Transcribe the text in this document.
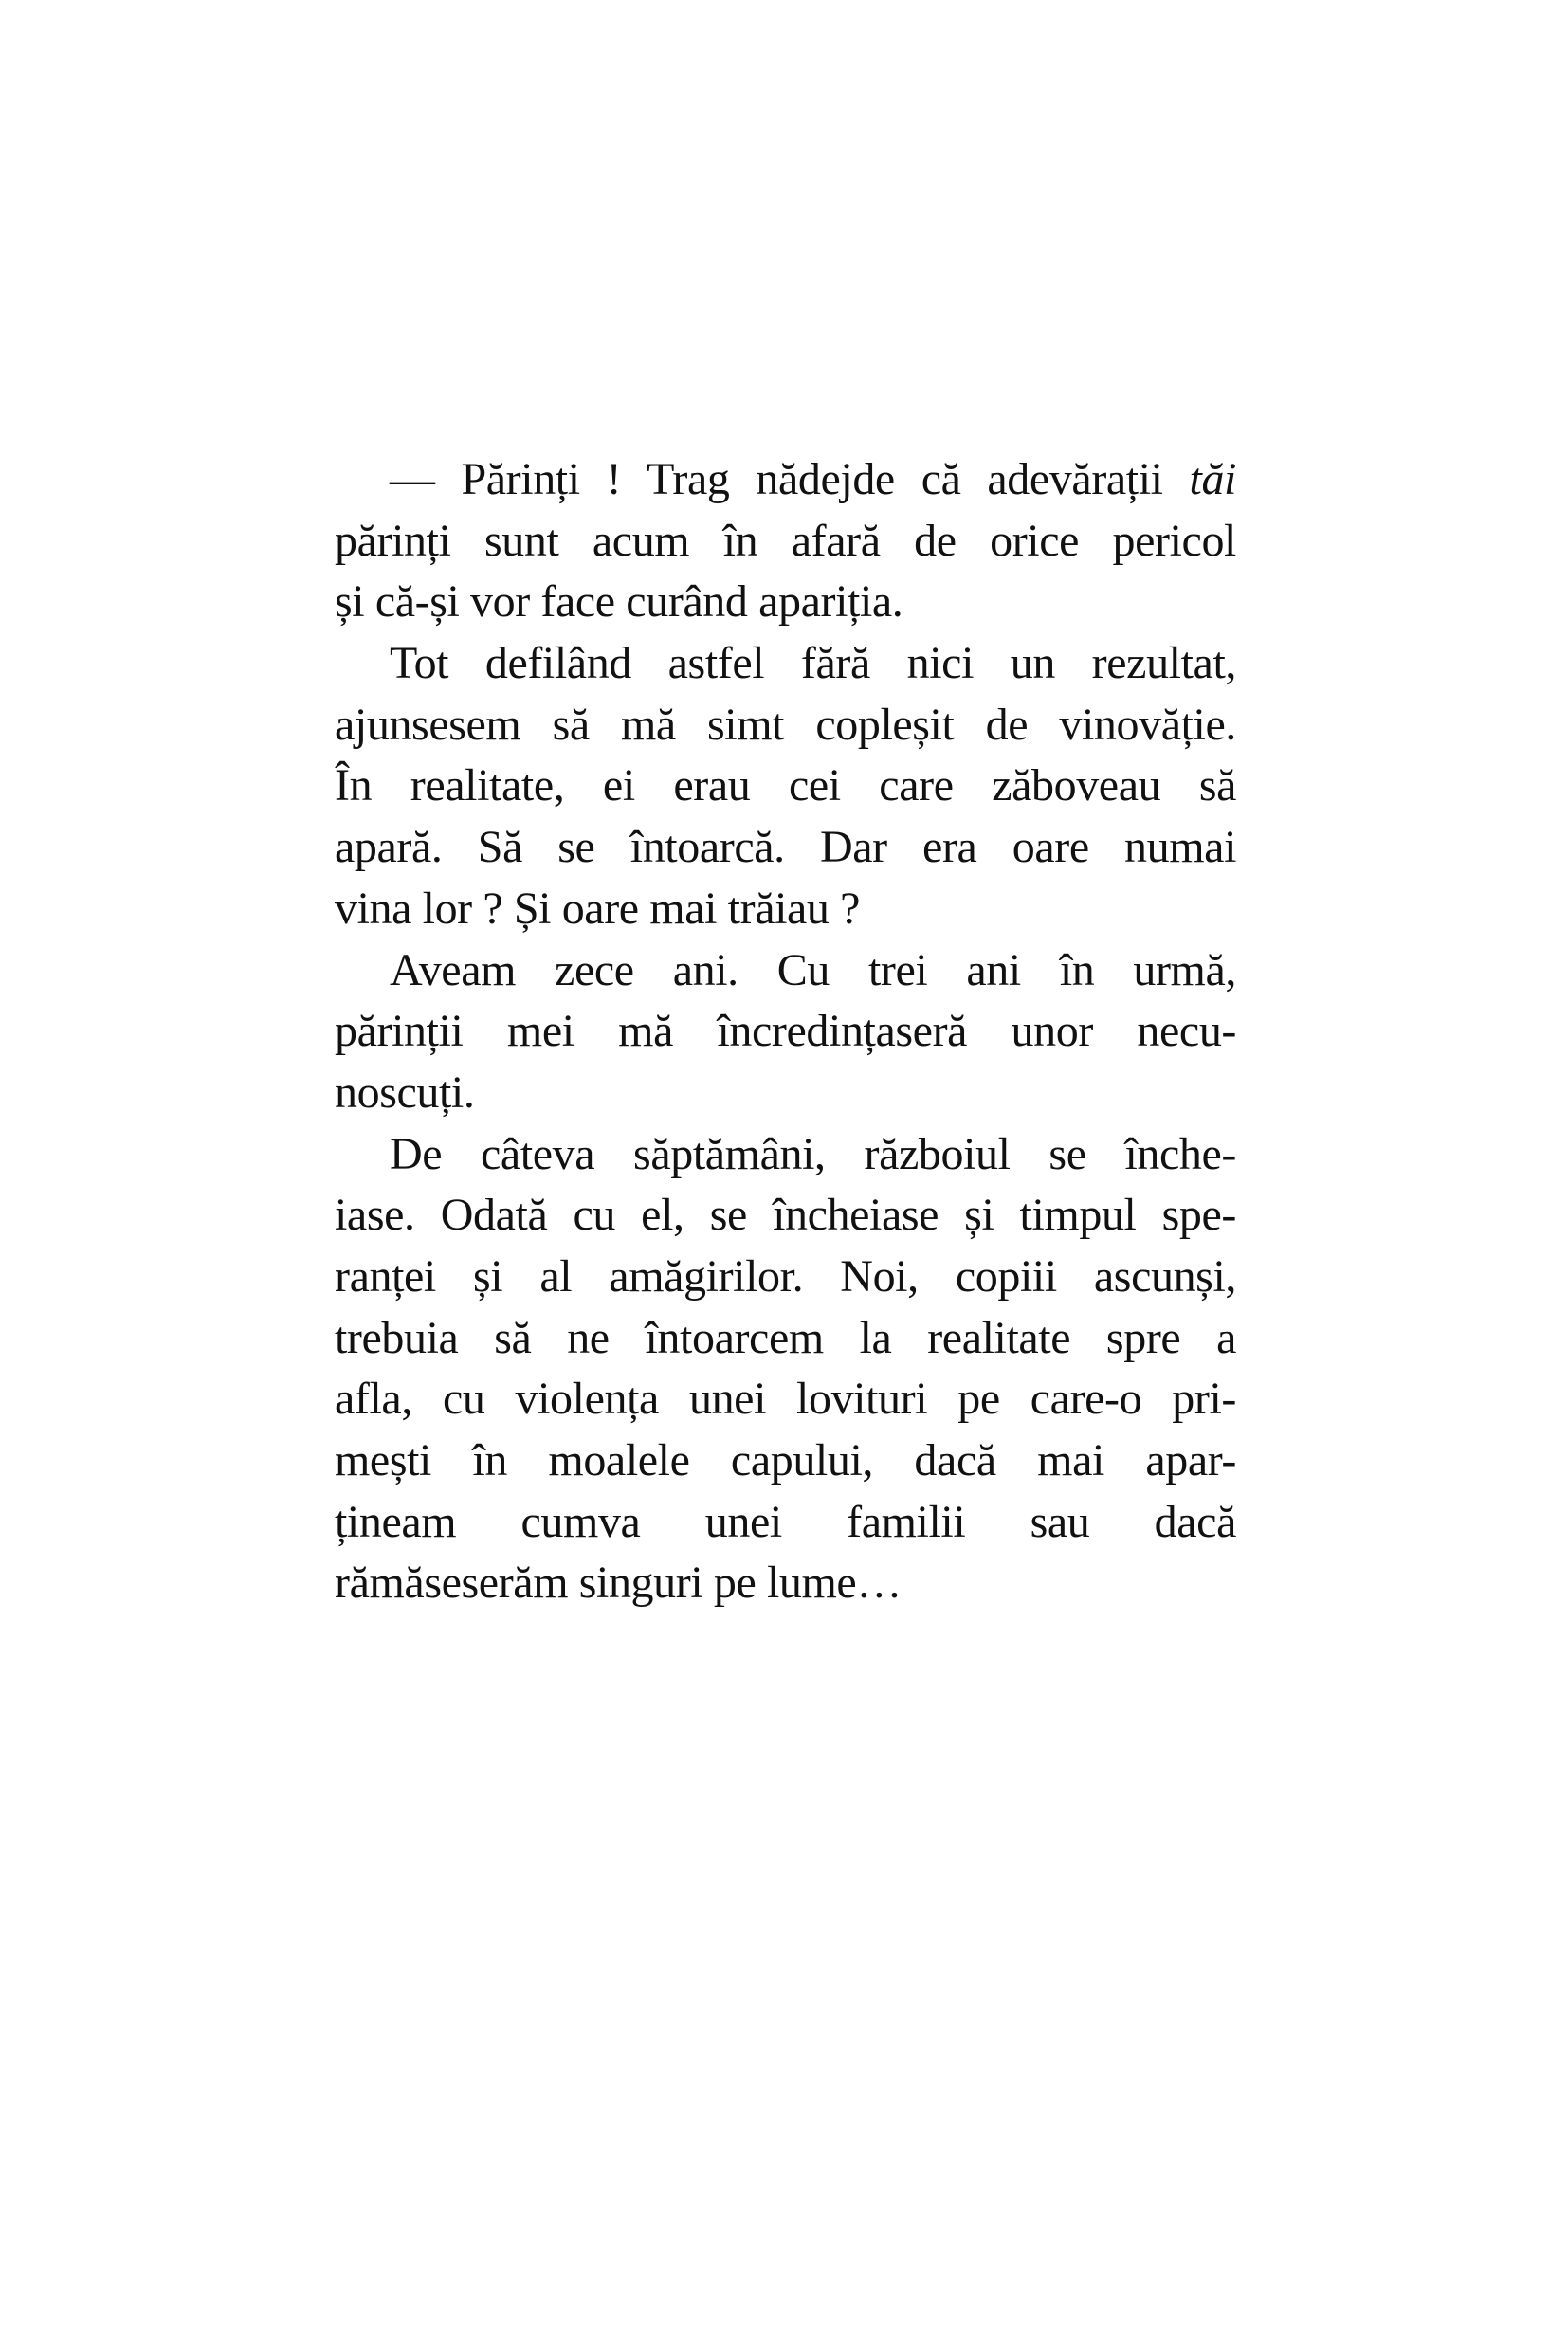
— Părinți ! Trag nădejde că adevărații tăi
părinți sunt acum în afară de orice pericol
și că-și vor face curând apariția.
Tot defilând astfel fără nici un rezultat,
ajunsesem să mă simt copleșit de vinovăție.
În realitate, ei erau cei care zăboveau să
apară. Să se întoarcă. Dar era oare numai
vina lor ? Și oare mai trăiau ?
Aveam zece ani. Cu trei ani în urmă,
părinții mei mă încredințaseră unor necu-
noscuți.
De câteva săptămâni, războiul se înche-
iase. Odată cu el, se încheiase și timpul spe-
ranței și al amăgirilor. Noi, copiii ascunși,
trebuia să ne întoarcem la realitate spre a
afla, cu violența unei lovituri pe care-o pri-
mești în moalele capului, dacă mai apar-
țineam cumva unei familii sau dacă
rămăseserăm singuri pe lume…
